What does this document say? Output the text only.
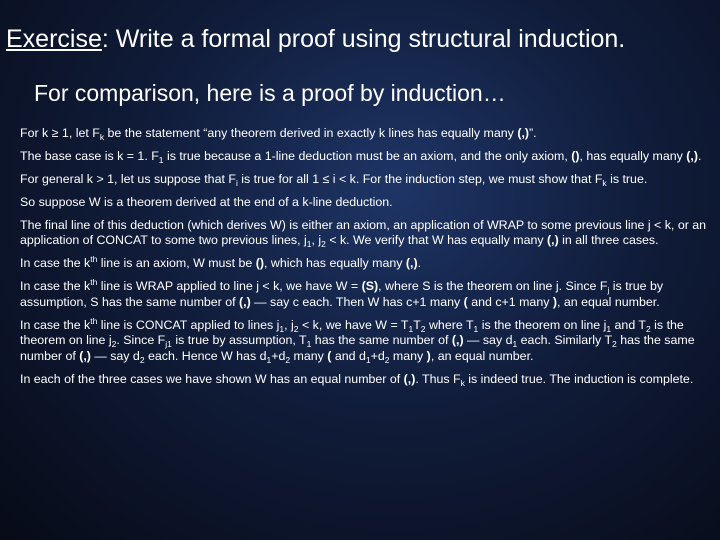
Exercise: Write a formal proof using structural induction.
For comparison, here is a proof by induction…
For k ≥ 1, let $F_k$ be the statement “any theorem derived in exactly k lines has equally many (,)”.
The base case is k = 1. $F_1$ is true because a 1-line deduction must be an axiom, and the only axiom, (), has equally many (,).
For general k > 1, let us suppose that $F_i$ is true for all 1 ≤ i < k. For the induction step, we must show that $F_k$ is true.
So suppose W is a theorem derived at the end of a k-line deduction.
The final line of this deduction (which derives W) is either an axiom, an application of WRAP to some previous line j < k, or an application of CONCAT to some two previous lines, $j_1$, $j_2 < k$. We verify that W has equally many (,) in all three cases.
In case the $k^{th}$ line is an axiom, W must be (), which has equally many (,).
In case the $k^{th}$ line is WRAP applied to line j < k, we have W = (S), where S is the theorem on line j. Since $F_j$ is true by assumption, S has the same number of (,) — say c each. Then W has c+1 many ( and c+1 many ), an equal number.
In case the $k^{th}$ line is CONCAT applied to lines $j_1$, $j_2 < k$, we have $W = T_1T_2$ where $T_1$ is the theorem on line $j_1$ and $T_2$ is the theorem on line $j_2$. Since $F_{j1}$ is true by assumption, $T_1$ has the same number of (,) — say $d_1$ each. Similarly $T_2$ has the same number of (,) — say $d_2$ each. Hence W has $d_1+d_2$ many ( and $d_1+d_2$ many ), an equal number.
In each of the three cases we have shown W has an equal number of (,). Thus $F_k$ is indeed true. The induction is complete.
